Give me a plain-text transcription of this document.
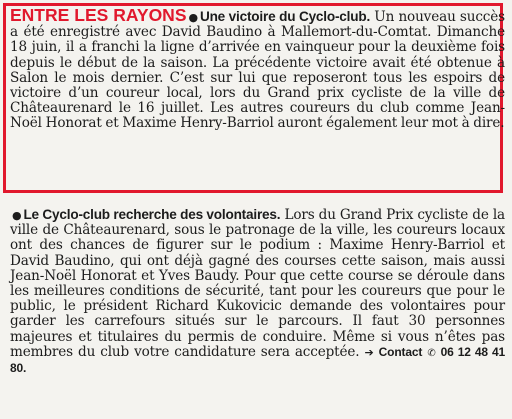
ENTRE LES RAYONS ● Une victoire du Cyclo-club. Un nouveau succès a été enregistré avec David Baudino à Mallemort-du-Comtat. Dimanche 18 juin, il a franchi la ligne d’arrivée en vainqueur pour la deuxième fois depuis le début de la saison. La précédente victoire avait été obtenue à Salon le mois dernier. C’est sur lui que reposeront tous les espoirs de victoire d’un coureur local, lors du Grand prix cycliste de la ville de Châteaurenard le 16 juillet. Les autres coureurs du club comme Jean-Noël Honorat et Maxime Henry-Barriol auront également leur mot à dire.
● Le Cyclo-club recherche des volontaires. Lors du Grand Prix cycliste de la ville de Châteaurenard, sous le patronage de la ville, les coureurs locaux ont des chances de figurer sur le podium : Maxime Henry-Barriol et David Baudino, qui ont déjà gagné des courses cette saison, mais aussi Jean-Noël Honorat et Yves Baudy. Pour que cette course se déroule dans les meilleures conditions de sécurité, tant pour les coureurs que pour le public, le président Richard Kukovicic demande des volontaires pour garder les carrefours situés sur le parcours. Il faut 30 personnes majeures et titulaires du permis de conduire. Même si vous n’êtes pas membres du club votre candidature sera acceptée. ➔ Contact ✆ 06 12 48 41 80.
